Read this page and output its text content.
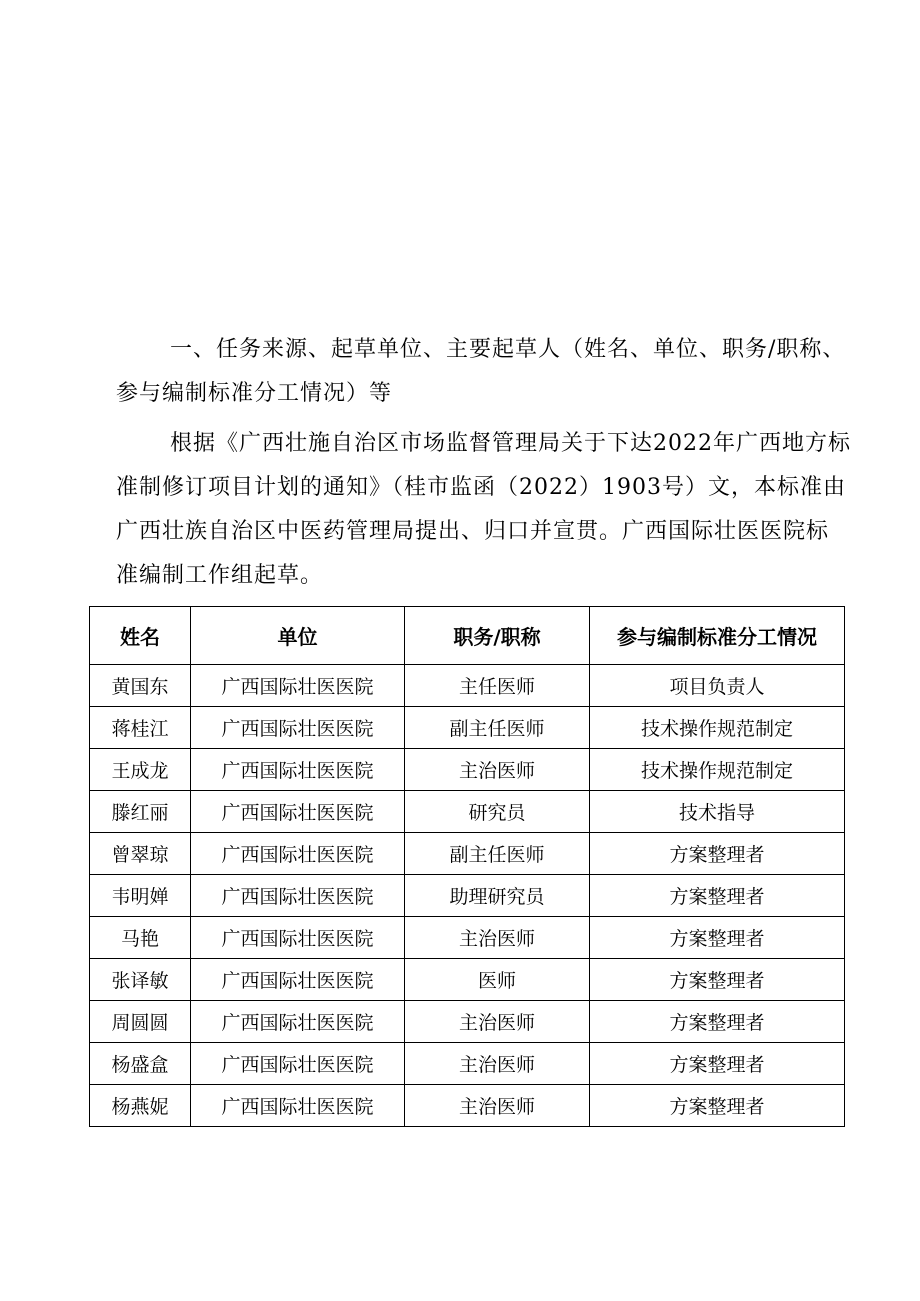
一、任务来源、起草单位、主要起草人（姓名、单位、职务/职称、
参与编制标准分工情况）等

根据《广西壮施自治区市场监督管理局关于下达2022年广西地方标
准制修订项目计划的通知》（桂市监函（2022）1903号）文，本标准由
广西壮族自治区中医药管理局提出、归口并宣贯。广西国际壮医医院标
准编制工作组起草。

姓名	单位	职务/职称	参与编制标准分工情况
黄国东	广西国际壮医医院	主任医师	项目负责人
蒋桂江	广西国际壮医医院	副主任医师	技术操作规范制定
王成龙	广西国际壮医医院	主治医师	技术操作规范制定
滕红丽	广西国际壮医医院	研究员	技术指导
曾翠琼	广西国际壮医医院	副主任医师	方案整理者
韦明婵	广西国际壮医医院	助理研究员	方案整理者
马艳	广西国际壮医医院	主治医师	方案整理者
张译敏	广西国际壮医医院	医师	方案整理者
周圆圆	广西国际壮医医院	主治医师	方案整理者
杨盛盒	广西国际壮医医院	主治医师	方案整理者
杨燕妮	广西国际壮医医院	主治医师	方案整理者
